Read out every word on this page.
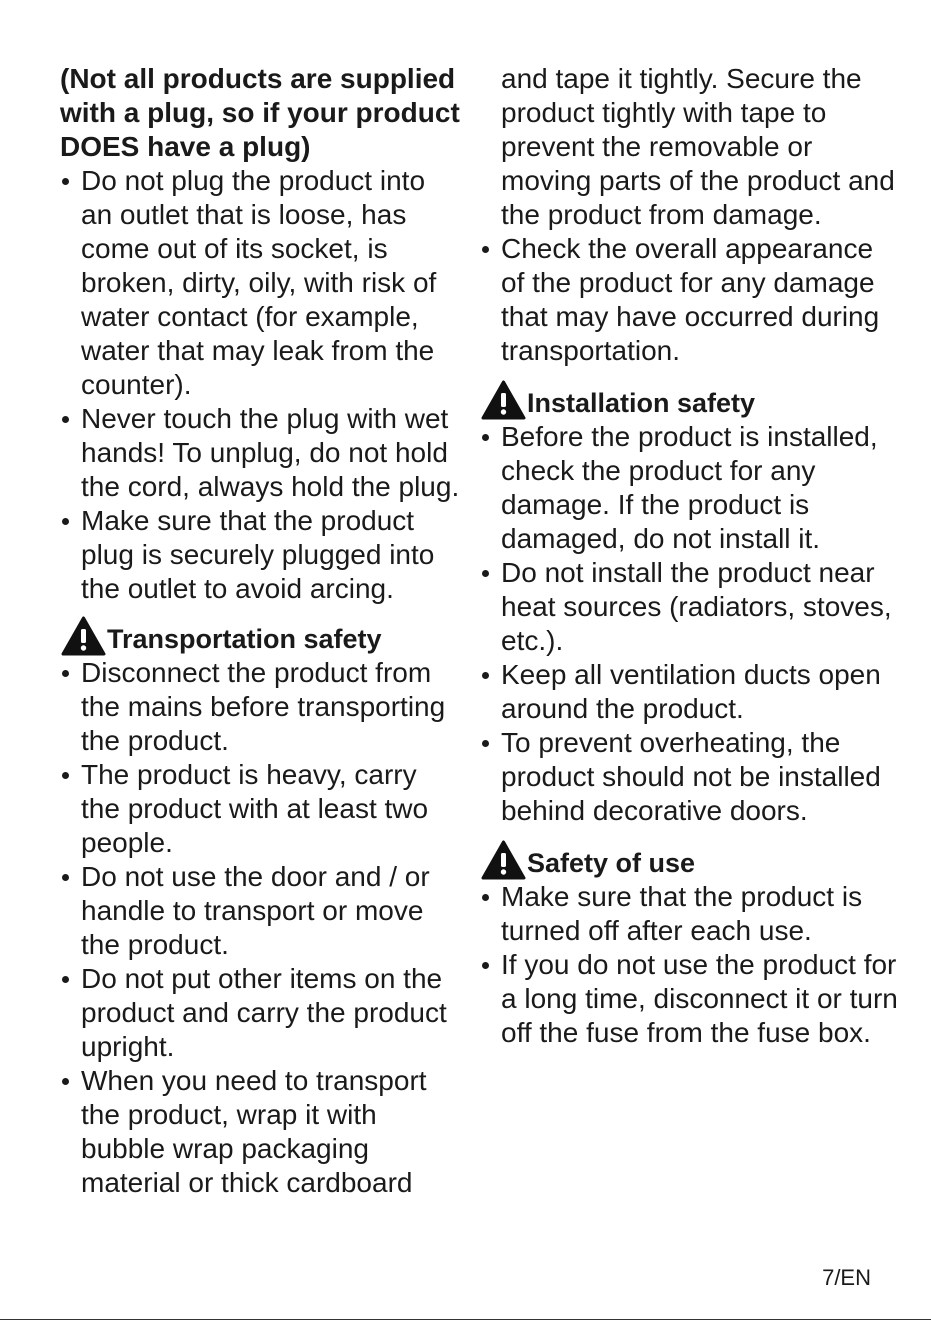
(Not all products are supplied with a plug, so if your product DOES have a plug)

Do not plug the product into an outlet that is loose, has come out of its socket, is broken, dirty, oily, with risk of water contact (for example, water that may leak from the counter).
Never touch the plug with wet hands! To unplug, do not hold the cord, always hold the plug.
Make sure that the product plug is securely plugged into the outlet to avoid arcing.
Transportation safety
Disconnect the product from the mains before transporting the product.
The product is heavy, carry the product with at least two people.
Do not use the door and / or handle to transport or move the product.
Do not put other items on the product and carry the product upright.
When you need to transport the product, wrap it with bubble wrap packaging material or thick cardboard
and tape it tightly. Secure the product tightly with tape to prevent the removable or moving parts of the product and the product from damage.
Check the overall appearance of the product for any damage that may have occurred during transportation.
Installation safety
Before the product is installed, check the product for any damage. If the product is damaged, do not install it.
Do not install the product near heat sources (radiators, stoves, etc.).
Keep all ventilation ducts open around the product.
To prevent overheating, the product should not be installed behind decorative doors.
Safety of use
Make sure that the product is turned off after each use.
If you do not use the product for a long time, disconnect it or turn off the fuse from the fuse box.
7/EN
